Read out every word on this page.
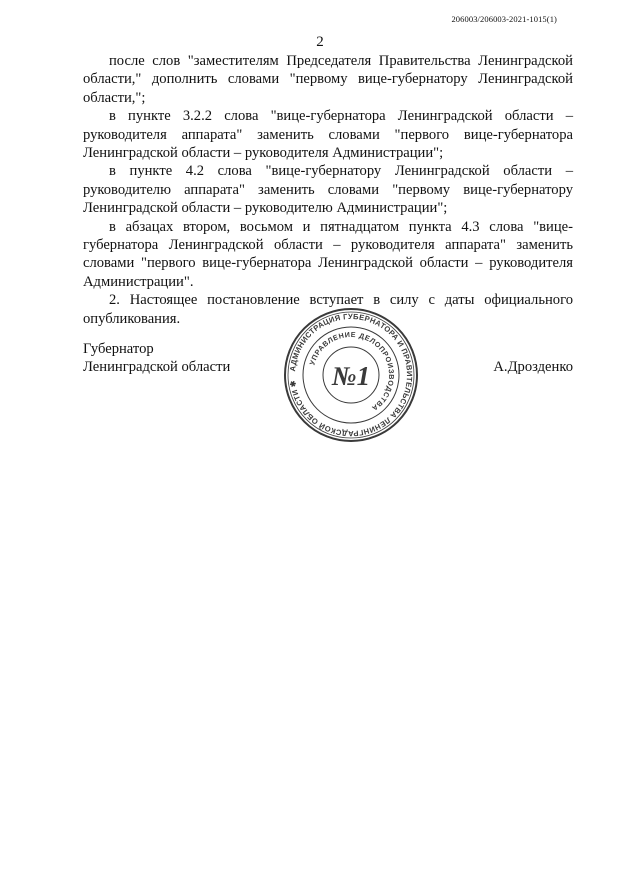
206003/206003-2021-1015(1)
2

после слов "заместителям Председателя Правительства Ленинградской области," дополнить словами "первому вице-губернатору Ленинградской области,";

в пункте 3.2.2 слова "вице-губернатора Ленинградской области – руководителя аппарата" заменить словами "первого вице-губернатора Ленинградской области – руководителя Администрации";

в пункте 4.2 слова "вице-губернатору Ленинградской области – руководителю аппарата" заменить словами "первому вице-губернатору Ленинградской области – руководителю Администрации";

в абзацах втором, восьмом и пятнадцатом пункта 4.3 слова "вице-губернатора Ленинградской области – руководителя аппарата" заменить словами "первого вице-губернатора Ленинградской области – руководителя Администрации".

2. Настоящее постановление вступает в силу с даты официального опубликования.

Губернатор
Ленинградской области	А.Дрозденко
АДМИНИСТРАЦИЯ ГУБЕРНАТОРА И ПРАВИТЕЛЬСТВА ЛЕНИНГРАДСКОЙ ОБЛАСТИ ✱
УПРАВЛЕНИЕ ДЕЛОПРОИЗВОДСТВА
№1
